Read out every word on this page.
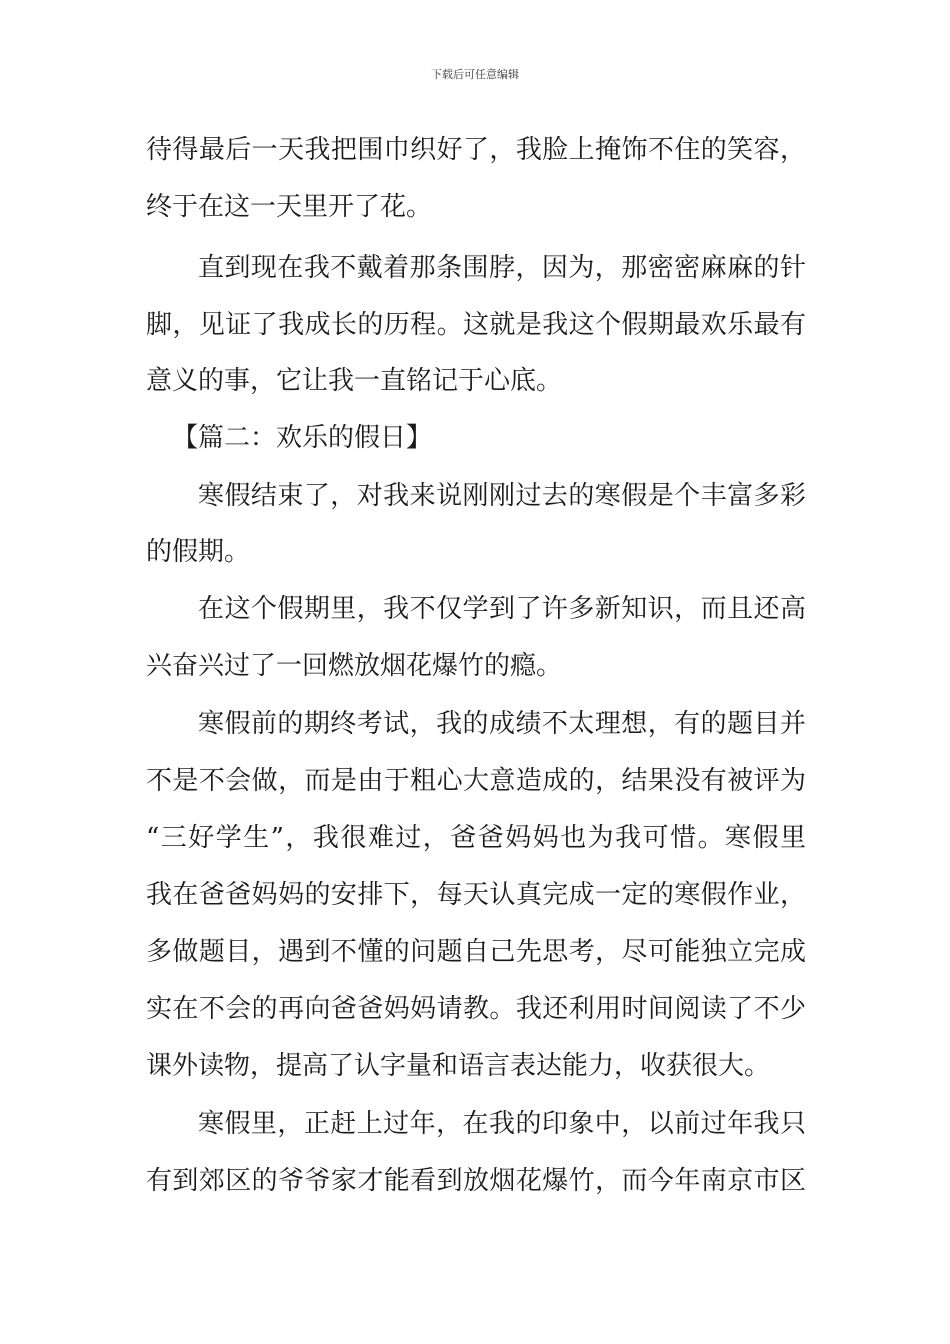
下载后可任意编辑
待得最后一天我把围巾织好了，我脸上掩饰不住的笑容，
终于在这一天里开了花。
直到现在我不戴着那条围脖，因为，那密密麻麻的针
脚，见证了我成长的历程。这就是我这个假期最欢乐最有
意义的事，它让我一直铭记于心底。
【篇二：欢乐的假日】
寒假结束了，对我来说刚刚过去的寒假是个丰富多彩
的假期。
在这个假期里，我不仅学到了许多新知识，而且还高
兴奋兴过了一回燃放烟花爆竹的瘾。
寒假前的期终考试，我的成绩不太理想，有的题目并
不是不会做，而是由于粗心大意造成的，结果没有被评为
“三好学生”，我很难过，爸爸妈妈也为我可惜。寒假里
我在爸爸妈妈的安排下，每天认真完成一定的寒假作业，
多做题目，遇到不懂的问题自己先思考，尽可能独立完成
实在不会的再向爸爸妈妈请教。我还利用时间阅读了不少
课外读物，提高了认字量和语言表达能力，收获很大。
寒假里，正赶上过年，在我的印象中，以前过年我只
有到郊区的爷爷家才能看到放烟花爆竹，而今年南京市区
